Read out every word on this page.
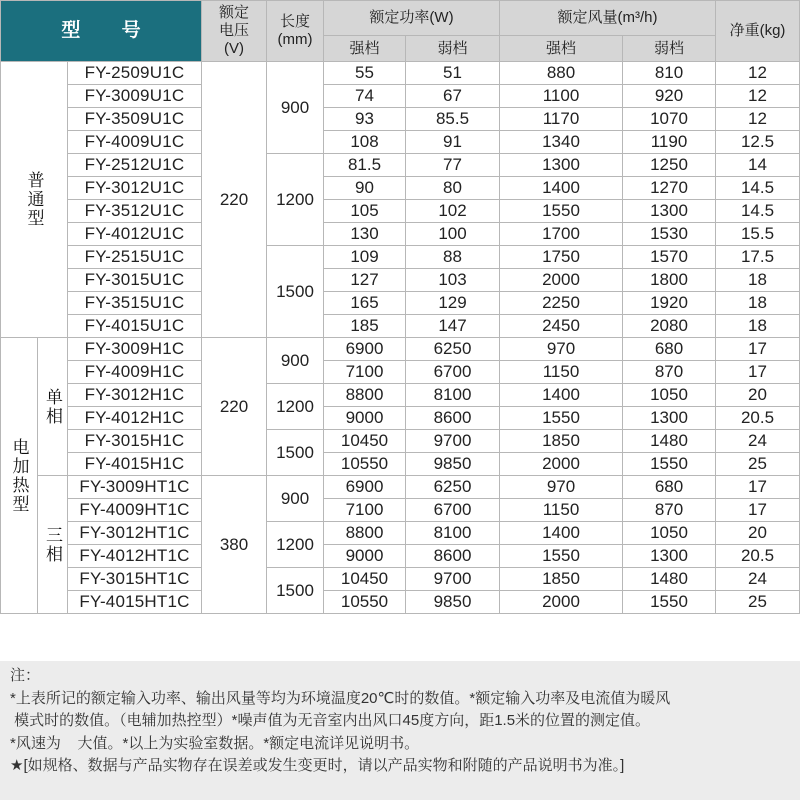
型 号			额定
电压
(V)	长度
(mm)	额定功率(W)		额定风量(m³/h)		净重(kg)
					强档	弱档	强档	弱档	
普通型		FY-2509U1C	220	900	55	51	880	810	12
		FY-3009U1C			74	67	1100	920	12
		FY-3509U1C			93	85.5	1170	1070	12
		FY-4009U1C			108	91	1340	1190	12.5
		FY-2512U1C		1200	81.5	77	1300	1250	14
		FY-3012U1C			90	80	1400	1270	14.5
		FY-3512U1C			105	102	1550	1300	14.5
		FY-4012U1C			130	100	1700	1530	15.5
		FY-2515U1C		1500	109	88	1750	1570	17.5
		FY-3015U1C			127	103	2000	1800	18
		FY-3515U1C			165	129	2250	1920	18
		FY-4015U1C			185	147	2450	2080	18
电加热型	单相	FY-3009H1C	220	900	6900	6250	970	680	17
		FY-4009H1C			7100	6700	1150	870	17
		FY-3012H1C		1200	8800	8100	1400	1050	20
		FY-4012H1C			9000	8600	1550	1300	20.5
		FY-3015H1C		1500	10450	9700	1850	1480	24
		FY-4015H1C			10550	9850	2000	1550	25
	三相	FY-3009HT1C	380	900	6900	6250	970	680	17
		FY-4009HT1C			7100	6700	1150	870	17
		FY-3012HT1C		1200	8800	8100	1400	1050	20
		FY-4012HT1C			9000	8600	1550	1300	20.5
		FY-3015HT1C		1500	10450	9700	1850	1480	24
		FY-4015HT1C			10550	9850	2000	1550	25
注：
*上表所记的额定输入功率、输出风量等均为环境温度20℃时的数值。*额定输入功率及电流值为暖风
模式时的数值。（电辅加热控型）*噪声值为无音室内出风口45度方向，距1.5米的位置的测定值。
*风速为    大值。*以上为实验室数据。*额定电流详见说明书。
★[如规格、数据与产品实物存在误差或发生变更时，请以产品实物和附随的产品说明书为准。]
